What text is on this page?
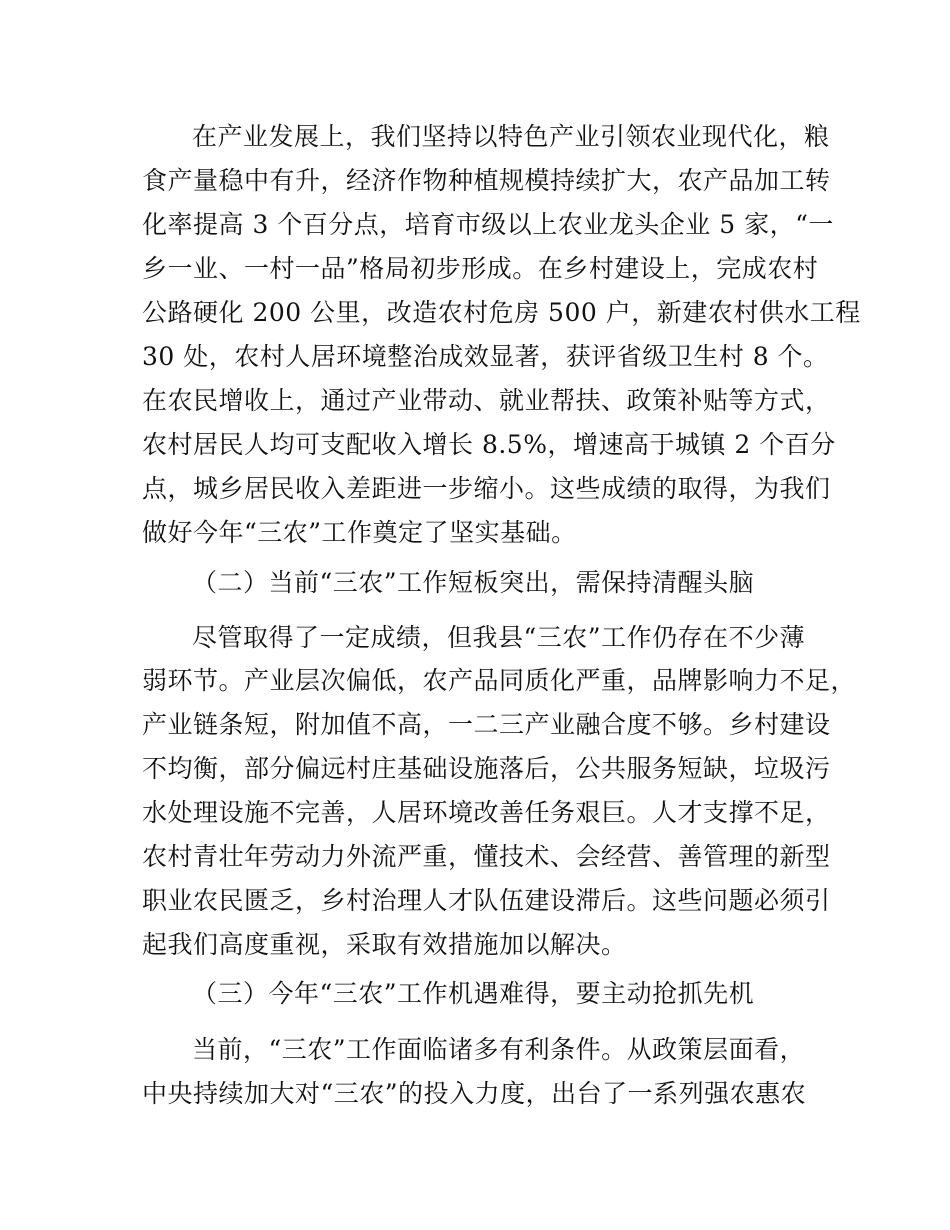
在产业发展上，我们坚持以特色产业引领农业现代化，粮
食产量稳中有升，经济作物种植规模持续扩大，农产品加工转
化率提高 3 个百分点，培育市级以上农业龙头企业 5 家，“一
乡一业、一村一品”格局初步形成。在乡村建设上，完成农村
公路硬化 200 公里，改造农村危房 500 户，新建农村供水工程
30 处，农村人居环境整治成效显著，获评省级卫生村 8 个。
在农民增收上，通过产业带动、就业帮扶、政策补贴等方式，
农村居民人均可支配收入增长 8.5%，增速高于城镇 2 个百分
点，城乡居民收入差距进一步缩小。这些成绩的取得，为我们
做好今年“三农”工作奠定了坚实基础。
（二）当前“三农”工作短板突出，需保持清醒头脑
尽管取得了一定成绩，但我县“三农”工作仍存在不少薄
弱环节。产业层次偏低，农产品同质化严重，品牌影响力不足，
产业链条短，附加值不高，一二三产业融合度不够。乡村建设
不均衡，部分偏远村庄基础设施落后，公共服务短缺，垃圾污
水处理设施不完善，人居环境改善任务艰巨。人才支撑不足，
农村青壮年劳动力外流严重，懂技术、会经营、善管理的新型
职业农民匮乏，乡村治理人才队伍建设滞后。这些问题必须引
起我们高度重视，采取有效措施加以解决。
（三）今年“三农”工作机遇难得，要主动抢抓先机
当前，“三农”工作面临诸多有利条件。从政策层面看，
中央持续加大对“三农”的投入力度，出台了一系列强农惠农
